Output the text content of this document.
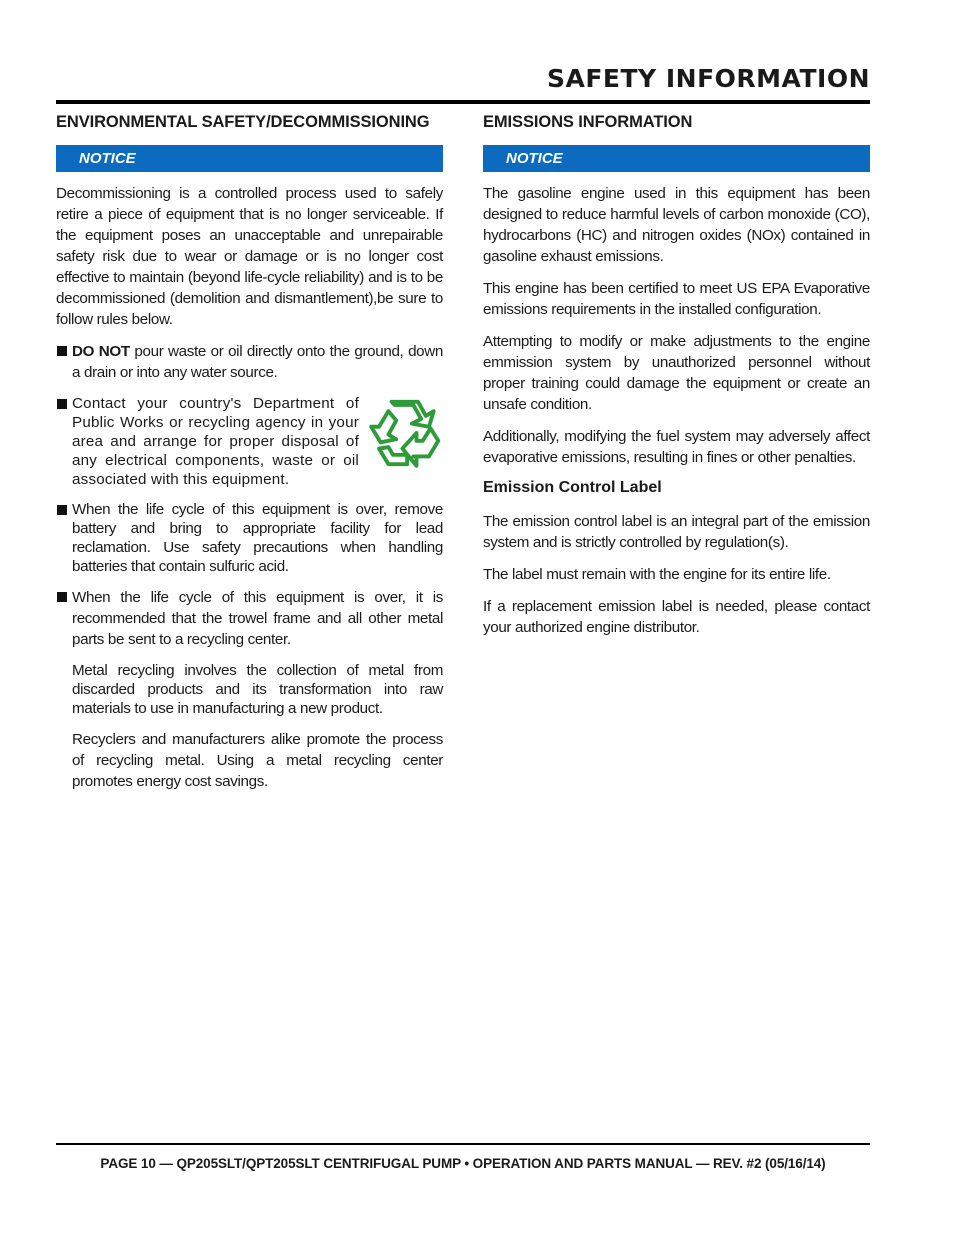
SAFETY INFORMATION
ENVIRONMENTAL SAFETY/DECOMMISSIONING
NOTICE

Decommissioning is a controlled process used to safely retire a piece of equipment that is no longer serviceable. If the equipment poses an unacceptable and unrepairable safety risk due to wear or damage or is no longer cost effective to maintain (beyond life-cycle reliability) and is to be decommissioned (demolition and dismantlement),be sure to follow rules below.

DO NOT pour waste or oil directly onto the ground, down a drain or into any water source.

Contact your country's Department of Public Works or recycling agency in your area and arrange for proper disposal of any electrical components, waste or oil associated with this equipment.

When the life cycle of this equipment is over, remove battery and bring to appropriate facility for lead reclamation. Use safety precautions when handling batteries that contain sulfuric acid.

When the life cycle of this equipment is over, it is recommended that the trowel frame and all other metal parts be sent to a recycling center.

Metal recycling involves the collection of metal from discarded products and its transformation into raw materials to use in manufacturing a new product.

Recyclers and manufacturers alike promote the process of recycling metal. Using a metal recycling center promotes energy cost savings.

EMISSIONS INFORMATION
NOTICE

The gasoline engine used in this equipment has been designed to reduce harmful levels of carbon monoxide (CO), hydrocarbons (HC) and nitrogen oxides (NOx) contained in gasoline exhaust emissions.

This engine has been certified to meet US EPA Evaporative emissions requirements in the installed configuration.

Attempting to modify or make adjustments to the engine emmission system by unauthorized personnel without proper training could damage the equipment or create an unsafe condition.

Additionally, modifying the fuel system may adversely affect evaporative emissions, resulting in fines or other penalties.

Emission Control Label

The emission control label is an integral part of the emission system and is strictly controlled by regulation(s).

The label must remain with the engine for its entire life.

If a replacement emission label is needed, please contact your authorized engine distributor.

PAGE 10 — QP205SLT/QPT205SLT CENTRIFUGAL PUMP • OPERATION AND PARTS MANUAL — REV. #2 (05/16/14)
